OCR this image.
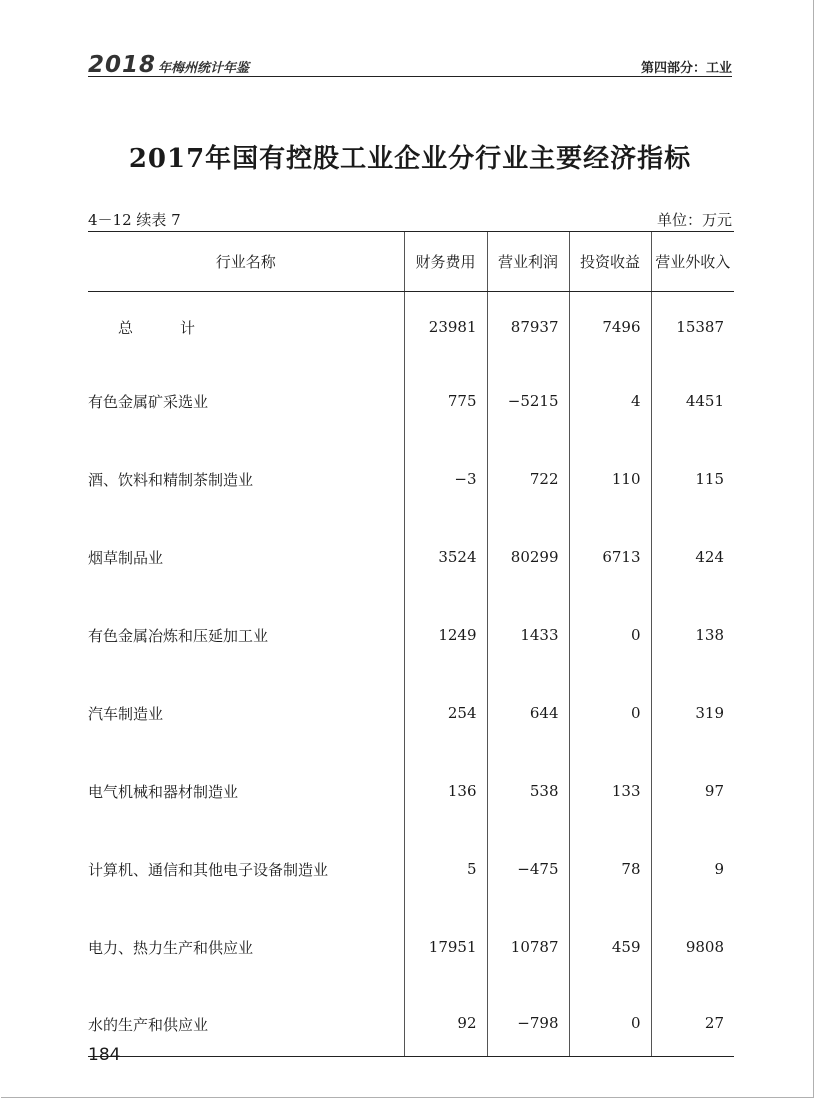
2018 年梅州统计年鉴	第四部分：工业
2017年国有控股工业企业分行业主要经济指标
4－12 续表 7	单位：万元
行业名称	财务费用	营业利润	投资收益	营业外收入
总　计	23981	87937	7496	15387
有色金属矿采选业	775	−5215	4	4451
酒、饮料和精制茶制造业	−3	722	110	115
烟草制品业	3524	80299	6713	424
有色金属冶炼和压延加工业	1249	1433	0	138
汽车制造业	254	644	0	319
电气机械和器材制造业	136	538	133	97
计算机、通信和其他电子设备制造业	5	−475	78	9
电力、热力生产和供应业	17951	10787	459	9808
水的生产和供应业	92	−798	0	27
184
